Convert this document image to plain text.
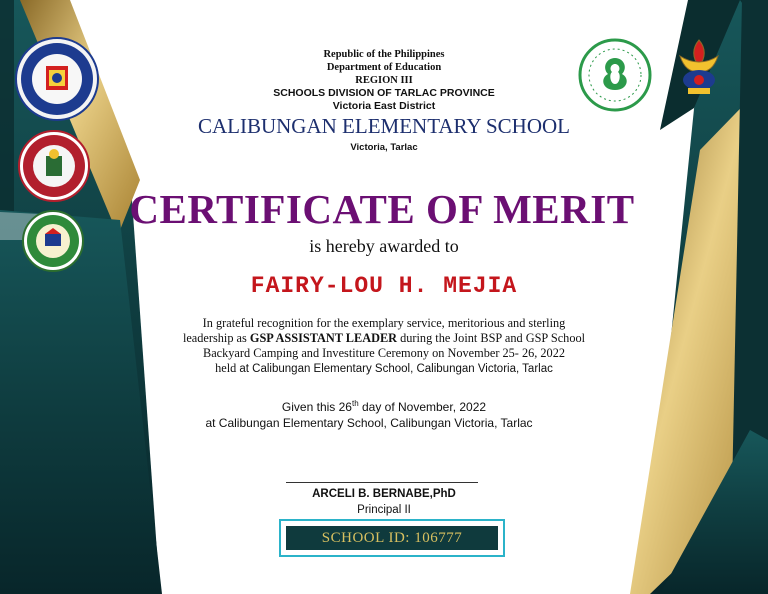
Republic of the Philippines
Department of Education
REGION III
SCHOOLS DIVISION OF TARLAC PROVINCE
Victoria East District
CALIBUNGAN ELEMENTARY SCHOOL
Victoria, Tarlac
CERTIFICATE OF MERIT
is hereby awarded to
FAIRY-LOU H. MEJIA
In grateful recognition for the exemplary service, meritorious and sterling
leadership as GSP ASSISTANT LEADER during the Joint BSP and GSP School
Backyard Camping and Investiture Ceremony on November 25- 26, 2022
held at Calibungan Elementary School, Calibungan Victoria, Tarlac
Given this 26th day of November, 2022
at Calibungan Elementary School, Calibungan Victoria, Tarlac
ARCELI B. BERNABE,PhD
Principal II
SCHOOL ID: 106777
